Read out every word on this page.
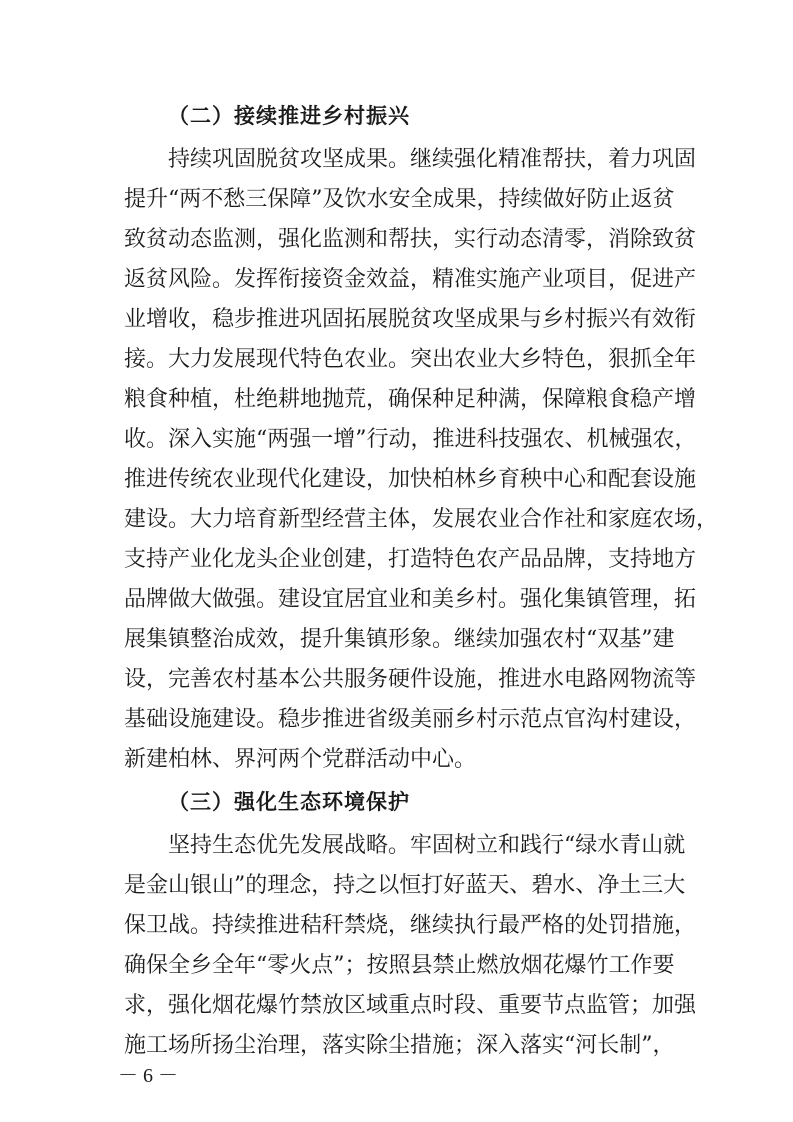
（二）接续推进乡村振兴
持续巩固脱贫攻坚成果。继续强化精准帮扶，着力巩固
提升“两不愁三保障”及饮水安全成果，持续做好防止返贫
致贫动态监测，强化监测和帮扶，实行动态清零，消除致贫
返贫风险。发挥衔接资金效益，精准实施产业项目，促进产
业增收，稳步推进巩固拓展脱贫攻坚成果与乡村振兴有效衔
接。大力发展现代特色农业。突出农业大乡特色，狠抓全年
粮食种植，杜绝耕地抛荒，确保种足种满，保障粮食稳产增
收。深入实施“两强一增”行动，推进科技强农、机械强农，
推进传统农业现代化建设，加快柏林乡育秧中心和配套设施
建设。大力培育新型经营主体，发展农业合作社和家庭农场，
支持产业化龙头企业创建，打造特色农产品品牌，支持地方
品牌做大做强。建设宜居宜业和美乡村。强化集镇管理，拓
展集镇整治成效，提升集镇形象。继续加强农村“双基”建
设，完善农村基本公共服务硬件设施，推进水电路网物流等
基础设施建设。稳步推进省级美丽乡村示范点官沟村建设，
新建柏林、界河两个党群活动中心。
（三）强化生态环境保护
坚持生态优先发展战略。牢固树立和践行“绿水青山就
是金山银山”的理念，持之以恒打好蓝天、碧水、净土三大
保卫战。持续推进秸秆禁烧，继续执行最严格的处罚措施，
确保全乡全年“零火点”；按照县禁止燃放烟花爆竹工作要
求，强化烟花爆竹禁放区域重点时段、重要节点监管；加强
施工场所扬尘治理，落实除尘措施；深入落实“河长制”，
－ 6 －
